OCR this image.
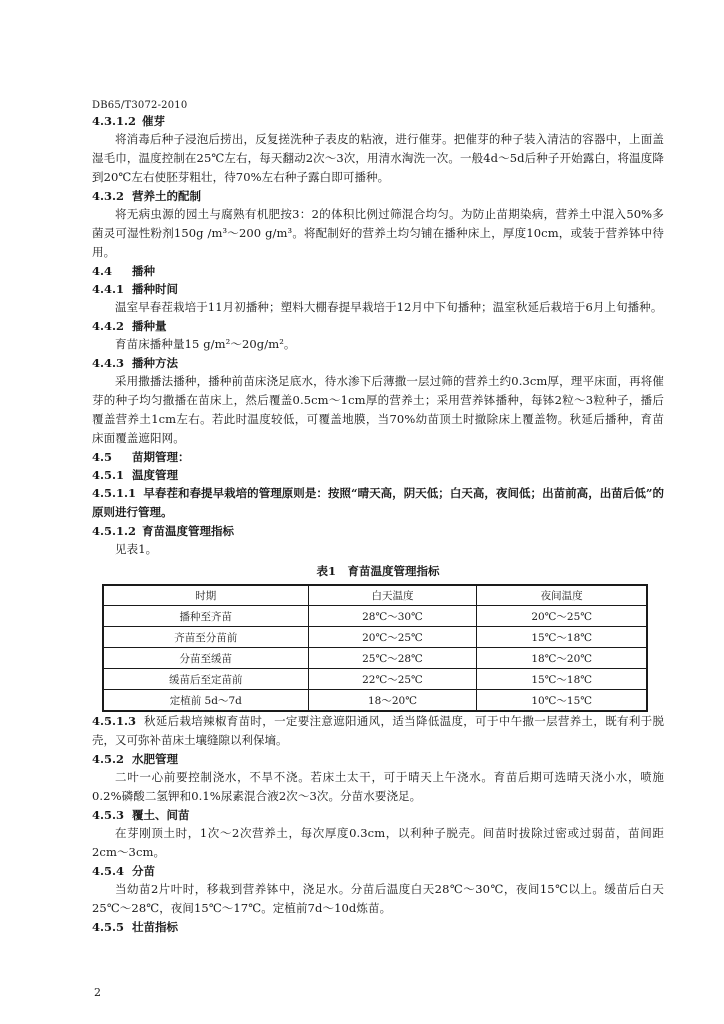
DB65/T3072-2010
4.3.1.2 催芽
将消毒后种子浸泡后捞出，反复搓洗种子表皮的粘液，进行催芽。把催芽的种子装入清洁的容器中，上面盖湿毛巾，温度控制在25℃左右，每天翻动2次～3次，用清水淘洗一次。一般4d～5d后种子开始露白，将温度降到20℃左右使胚芽粗壮，待70%左右种子露白即可播种。
4.3.2 营养土的配制
将无病虫源的园土与腐熟有机肥按3：2的体积比例过筛混合均匀。为防止苗期染病，营养土中混入50%多菌灵可湿性粉剂150g /m³～200 g/m³。将配制好的营养土均匀铺在播种床上，厚度10cm，或装于营养钵中待用。
4.4 播种
4.4.1 播种时间
温室早春茬栽培于11月初播种；塑料大棚春提早栽培于12月中下旬播种；温室秋延后栽培于6月上旬播种。
4.4.2 播种量
育苗床播种量15 g/m²～20g/m²。
4.4.3 播种方法
采用撒播法播种，播种前苗床浇足底水，待水渗下后薄撒一层过筛的营养土约0.3cm厚，理平床面，再将催芽的种子均匀撒播在苗床上，然后覆盖0.5cm～1cm厚的营养土；采用营养钵播种，每钵2粒～3粒种子，播后覆盖营养土1cm左右。若此时温度较低，可覆盖地膜，当70%幼苗顶土时撤除床上覆盖物。秋延后播种，育苗床面覆盖遮阳网。
4.5 苗期管理：
4.5.1 温度管理
4.5.1.1 早春茬和春提早栽培的管理原则是：按照“晴天高，阴天低；白天高，夜间低；出苗前高，出苗后低”的原则进行管理。
4.5.1.2 育苗温度管理指标
见表1。
表1　育苗温度管理指标
时期	白天温度	夜间温度
播种至齐苗	28℃～30℃	20℃～25℃
齐苗至分苗前	20℃～25℃	15℃～18℃
分苗至缓苗	25℃～28℃	18℃～20℃
缓苗后至定苗前	22℃～25℃	15℃～18℃
定植前 5d～7d	18～20℃	10℃～15℃
4.5.1.3 秋延后栽培辣椒育苗时，一定要注意遮阳通风，适当降低温度，可于中午撒一层营养土，既有利于脱壳，又可弥补苗床土壤缝隙以利保墒。
4.5.2 水肥管理
二叶一心前要控制浇水，不旱不浇。若床土太干，可于晴天上午浇水。育苗后期可选晴天浇小水，喷施0.2%磷酸二氢钾和0.1%尿素混合液2次～3次。分苗水要浇足。
4.5.3 覆土、间苗
在芽刚顶土时，1次～2次营养土，每次厚度0.3cm，以利种子脱壳。间苗时拔除过密或过弱苗，苗间距2cm～3cm。
4.5.4 分苗
当幼苗2片叶时，移栽到营养钵中，浇足水。分苗后温度白天28℃～30℃，夜间15℃以上。缓苗后白天25℃～28℃，夜间15℃～17℃。定植前7d～10d炼苗。
4.5.5 壮苗指标
2
